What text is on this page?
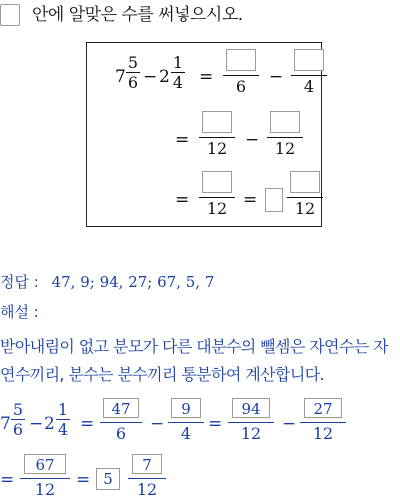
안에 알맞은 수를 써넣으시오.
7
5
6 − 2
1
4 =	6	−	4
=	12	− 12
=	12 =	12
정답 : 47, 9; 94, 27; 67, 5, 7
해설 :
받아내림이 없고 분모가 다른 대분수의 뺄셈은 자연수는 자연수끼리, 분수는 분수끼리 통분하여 계산합니다.
7
5
6 − 2
1
4 =
47
6	−
9
4 =
94
12	−
27
12
=
67
12	= 5
7
12
